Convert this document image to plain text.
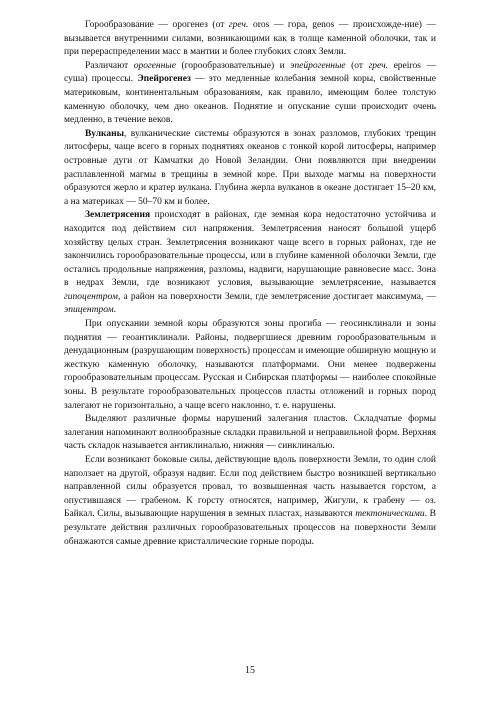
Горообразование — орогенез (от греч. oros — гора, genos — происхожде-ние) — вызывается внутренними силами, возникающими как в толще каменной оболочки, так и при перераспределении масс в мантии и более глубоких слоях Земли.

Различают орогенные (горообразовательные) и эпейрогенные (от греч. epeiros — суша) процессы. Эпейрогенез — это медленные колебания земной коры, свойственные материковым, континентальным образованиям, как правило, имеющим более толстую каменную оболочку, чем дно океанов. Поднятие и опускание суши происходит очень медленно, в течение веков.

Вулканы, вулканические системы образуются в зонах разломов, глубоких трещин литосферы, чаще всего в горных поднятиях океанов с тонкой корой литосферы, например островные дуги от Камчатки до Новой Зеландии. Они появляются при внедрении расплавленной магмы в трещины в земной коре. При выходе магмы на поверхности образуются жерло и кратер вулкана. Глубина жерла вулканов в океане достигает 15–20 км, а на материках — 50–70 км и более.

Землетрясения происходят в районах, где земная кора недостаточно устойчива и находится под действием сил напряжения. Землетрясения наносят большой ущерб хозяйству целых стран. Землетрясения возникают чаще всего в горных районах, где не закончились горообразовательные процессы, или в глубине каменной оболочки Земли, где остались продольные напряжения, разломы, надвиги, нарушающие равновесие масс. Зона в недрах Земли, где возникают условия, вызывающие землетрясение, называется гипоцентром, а район на поверхности Земли, где землетрясение достигает максимума, — эпицентром.

При опускании земной коры образуются зоны прогиба — геосинклинали и зоны поднятия — геоантиклинали. Районы, подвергшиеся древним горообразовательным и денудационным (разрушающим поверхность) процессам и имеющие обширную мощную и жесткую каменную оболочку, называются платформами. Они менее подвержены горообразовательным процессам. Русская и Сибирская платформы — наиболее спокойные зоны. В результате горообразовательных процессов пласты отложений и горных пород залегают не горизонтально, а чаще всего наклонно, т. е. нарушены.

Выделяют различные формы нарушений залегания пластов. Складчатые формы залегания напоминают волнообразные складки правильной и неправильной форм. Верхняя часть складок называется антиклиналью, нижняя — синклиналью.

Если возникают боковые силы, действующие вдоль поверхности Земли, то один слой наползает на другой, образуя надвиг. Если под действием быстро возникшей вертикально направленной силы образуется провал, то возвышенная часть называется горстом, а опустившаяся — грабеном. К горсту относятся, например, Жигули, к грабену — оз. Байкал. Силы, вызывающие нарушения в земных пластах, называются тектоническими. В результате действия различных горообразовательных процессов на поверхности Земли обнажаются самые древние кристаллические горные породы.

15
